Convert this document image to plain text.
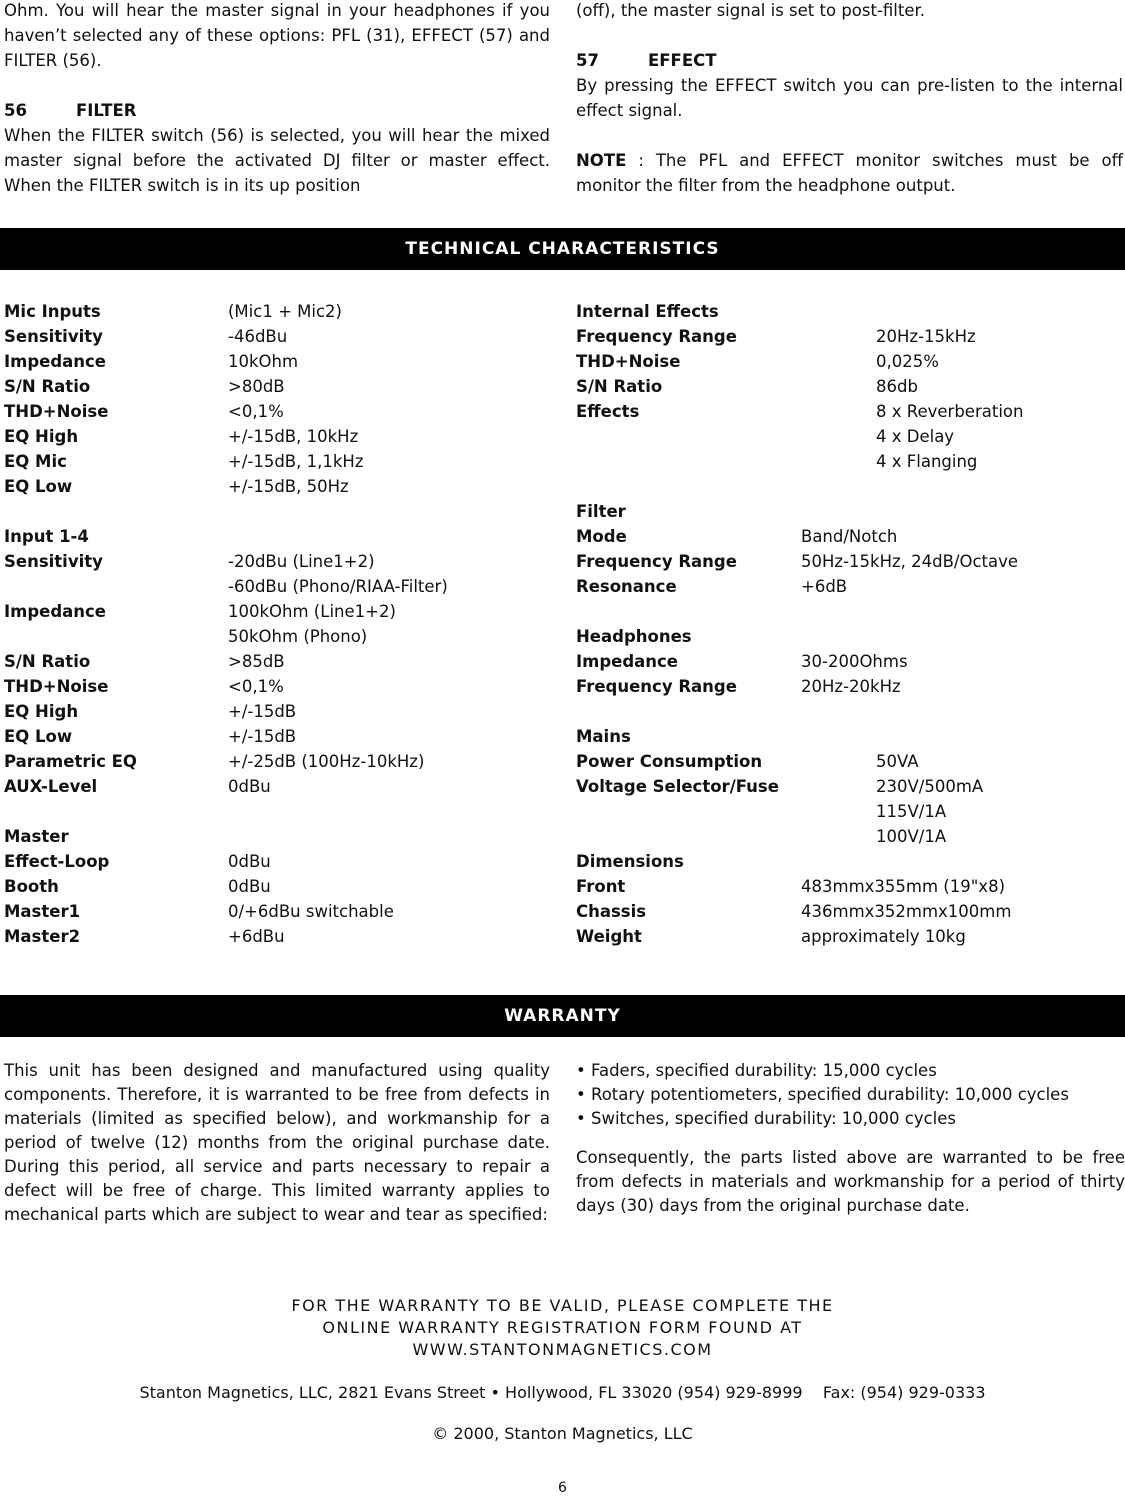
Ohm. You will hear the master signal in your headphones if you haven’t selected any of these options: PFL (31), EFFECT (57) and FILTER (56).

56	FILTER

When the FILTER switch (56) is selected, you will hear the mixed master signal before the activated DJ filter or master effect. When the FILTER switch is in its up position

(off), the master signal is set to post-filter.

57	EFFECT

By pressing the EFFECT switch you can pre-listen to the internal effect signal.

NOTE : The PFL and EFFECT monitor switches must be off monitor the filter from the headphone output.

TECHNICAL CHARACTERISTICS
Mic Inputs	(Mic1 + Mic2)
Sensitivity	-46dBu
Impedance	10kOhm
S/N Ratio	>80dB
THD+Noise	<0,1%
EQ High	+/-15dB, 10kHz
EQ Mic	+/-15dB, 1,1kHz
EQ Low	+/-15dB, 50Hz
Input 1-4
Sensitivity	-20dBu (Line1+2)
-60dBu (Phono/RIAA-Filter)
Impedance	100kOhm (Line1+2)
50kOhm (Phono)
S/N Ratio	>85dB
THD+Noise	<0,1%
EQ High	+/-15dB
EQ Low	+/-15dB
Parametric EQ	+/-25dB (100Hz-10kHz)
AUX-Level	0dBu
Master
Effect-Loop	0dBu
Booth	0dBu
Master1	0/+6dBu switchable
Master2	+6dBu
Internal Effects
Frequency Range	20Hz-15kHz
THD+Noise	0,025%
S/N Ratio	86db
Effects	8 x Reverberation
4 x Delay
4 x Flanging
Filter
Mode	Band/Notch
Frequency Range	50Hz-15kHz, 24dB/Octave
Resonance	+6dB
Headphones
Impedance	30-200Ohms
Frequency Range	20Hz-20kHz
Mains
Power Consumption	50VA
Voltage Selector/Fuse	230V/500mA
115V/1A
100V/1A
Dimensions
Front	483mmx355mm (19"x8)
Chassis	436mmx352mmx100mm
Weight	approximately 10kg
WARRANTY

This unit has been designed and manufactured using quality components. Therefore, it is warranted to be free from defects in materials (limited as specified below), and workmanship for a period of twelve (12) months from the original purchase date. During this period, all service and parts necessary to repair a defect will be free of charge. This limited warranty applies to mechanical parts which are subject to wear and tear as specified:

• Faders, specified durability: 15,000 cycles
• Rotary potentiometers, specified durability: 10,000 cycles
• Switches, specified durability: 10,000 cycles

Consequently, the parts listed above are warranted to be free from defects in materials and workmanship for a period of thirty days (30) days from the original purchase date.

FOR THE WARRANTY TO BE VALID, PLEASE COMPLETE THE
ONLINE WARRANTY REGISTRATION FORM FOUND AT
WWW.STANTONMAGNETICS.COM
Stanton Magnetics, LLC, 2821 Evans Street • Hollywood, FL 33020 (954) 929-8999    Fax: (954) 929-0333
© 2000, Stanton Magnetics, LLC
6
